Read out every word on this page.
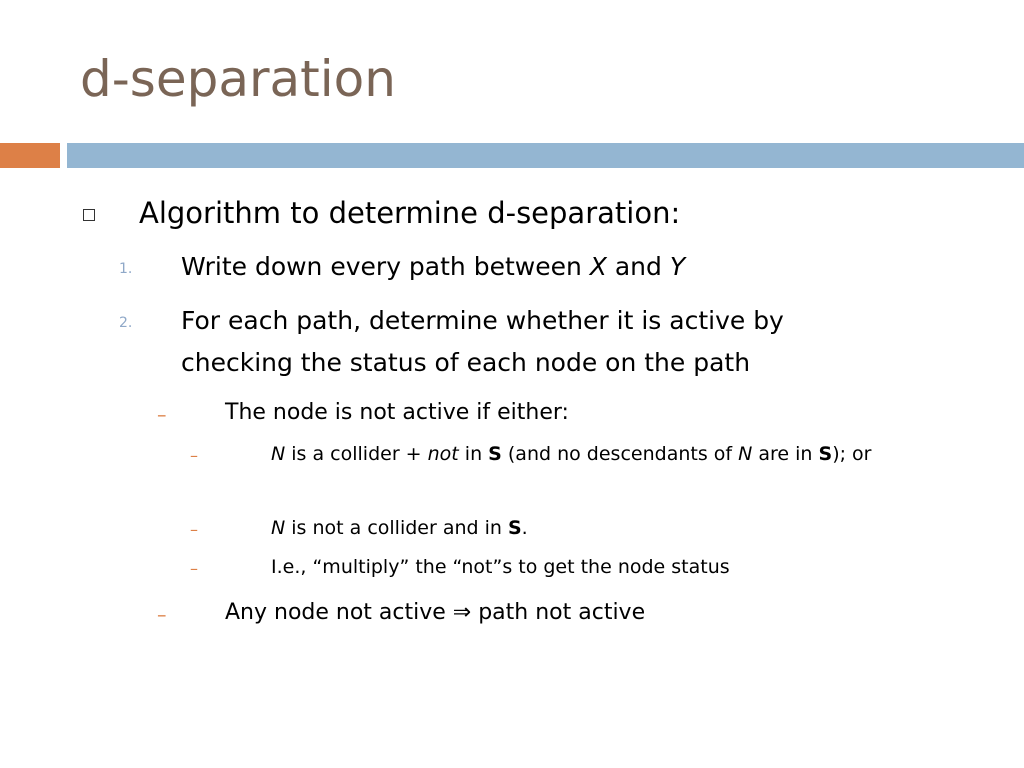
d-separation
Algorithm to determine d-separation:
1. Write down every path between X and Y
2. For each path, determine whether it is active by
checking the status of each node on the path
–	The node is not active if either:
–	N is a collider + not in S (and no descendants of N are in S); or
–	N is not a collider and in S.
–	I.e., “multiply” the “not”s to get the node status
–	Any node not active ⇒ path not active
